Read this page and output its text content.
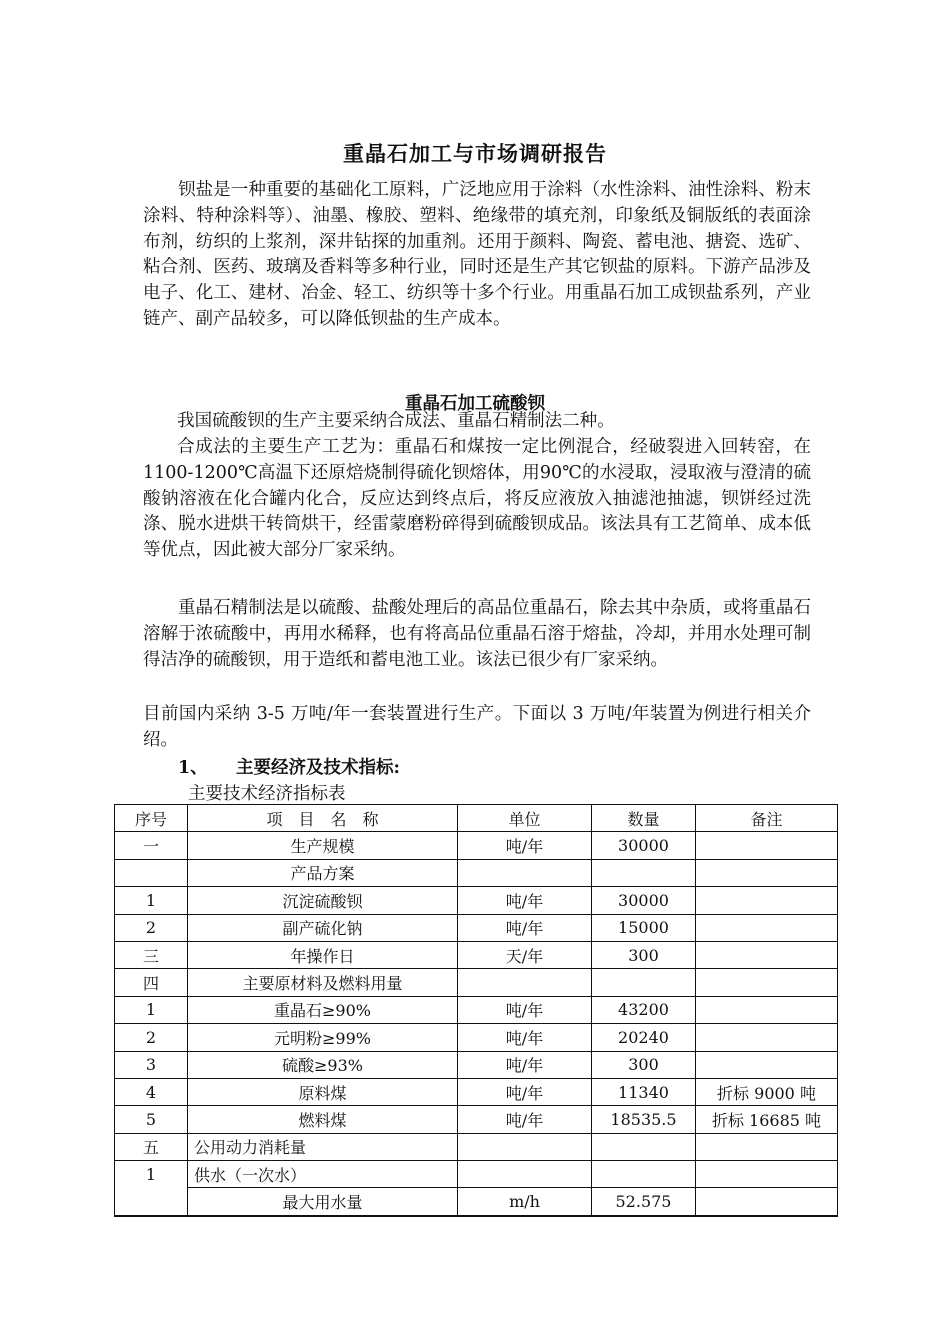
重晶石加工与市场调研报告

钡盐是一种重要的基础化工原料，广泛地应用于涂料（水性涂料、油性涂料、粉末涂料、特种涂料等）、油墨、橡胶、塑料、绝缘带的填充剂，印象纸及铜版纸的表面涂布剂，纺织的上浆剂，深井钻探的加重剂。还用于颜料、陶瓷、蓄电池、搪瓷、选矿、粘合剂、医药、玻璃及香料等多种行业，同时还是生产其它钡盐的原料。下游产品涉及电子、化工、建材、冶金、轻工、纺织等十多个行业。用重晶石加工成钡盐系列，产业链产、副产品较多，可以降低钡盐的生产成本。

重晶石加工硫酸钡

我国硫酸钡的生产主要采纳合成法、重晶石精制法二种。

合成法的主要生产工艺为：重晶石和煤按一定比例混合，经破裂进入回转窑，在1100-1200℃高温下还原焙烧制得硫化钡熔体，用90℃的水浸取，浸取液与澄清的硫酸钠溶液在化合罐内化合，反应达到终点后，将反应液放入抽滤池抽滤，钡饼经过洗涤、脱水进烘干转筒烘干，经雷蒙磨粉碎得到硫酸钡成品。该法具有工艺简单、成本低等优点，因此被大部分厂家采纳。

重晶石精制法是以硫酸、盐酸处理后的高品位重晶石，除去其中杂质，或将重晶石溶解于浓硫酸中，再用水稀释，也有将高品位重晶石溶于熔盐，冷却，并用水处理可制得洁净的硫酸钡，用于造纸和蓄电池工业。该法已很少有厂家采纳。

目前国内采纳 3-5 万吨/年一套装置进行生产。下面以 3 万吨/年装置为例进行相关介绍。

1、 主要经济及技术指标:
主要技术经济指标表
序号	项　目　名　称	单位	数量	备注
一	生产规模	吨/年	30000	
	产品方案			
1	沉淀硫酸钡	吨/年	30000	
2	副产硫化钠	吨/年	15000	
三	年操作日	天/年	300	
四	主要原材料及燃料用量			
1	重晶石≥90%	吨/年	43200	
2	元明粉≥99%	吨/年	20240	
3	硫酸≥93%	吨/年	300	
4	原料煤	吨/年	11340	折标 9000 吨
5	燃料煤	吨/年	18535.5	折标 16685 吨
五	公用动力消耗量			
1	供水（一次水）			
	最大用水量	m/h	52.575	
